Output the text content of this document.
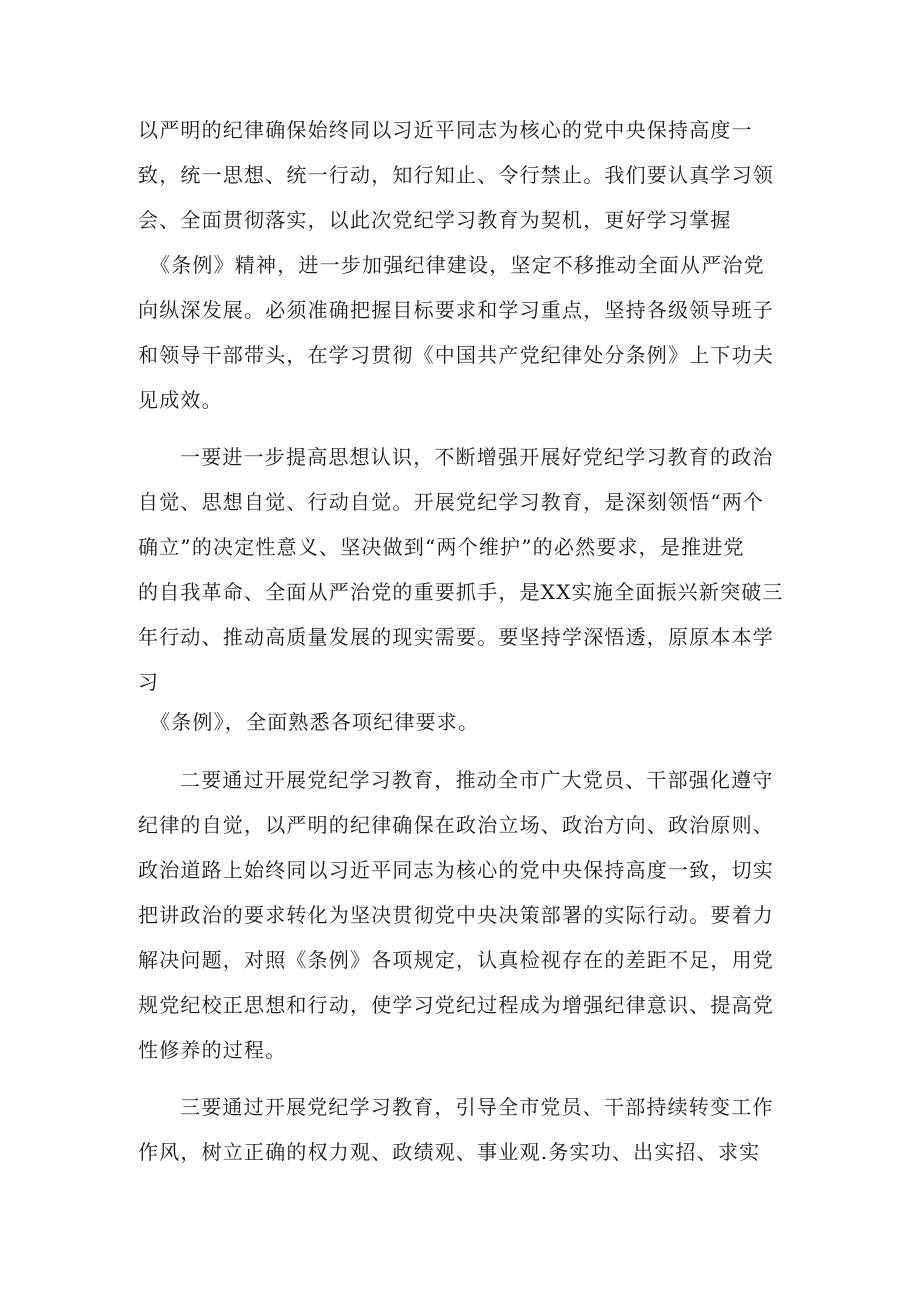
以严明的纪律确保始终同以习近平同志为核心的党中央保持高度一
致，统一思想、统一行动，知行知止、令行禁止。我们要认真学习领
会、全面贯彻落实，以此次党纪学习教育为契机，更好学习掌握
《条例》精神，进一步加强纪律建设，坚定不移推动全面从严治党
向纵深发展。必须准确把握目标要求和学习重点，坚持各级领导班子
和领导干部带头，在学习贯彻《中国共产党纪律处分条例》上下功夫
见成效。
一要进一步提高思想认识，不断增强开展好党纪学习教育的政治
自觉、思想自觉、行动自觉。开展党纪学习教育，是深刻领悟“两个
确立”的决定性意义、坚决做到“两个维护”的必然要求，是推进党
的自我革命、全面从严治党的重要抓手，是XX实施全面振兴新突破三
年行动、推动高质量发展的现实需要。要坚持学深悟透，原原本本学
习
《条例》，全面熟悉各项纪律要求。
二要通过开展党纪学习教育，推动全市广大党员、干部强化遵守
纪律的自觉，以严明的纪律确保在政治立场、政治方向、政治原则、
政治道路上始终同以习近平同志为核心的党中央保持高度一致，切实
把讲政治的要求转化为坚决贯彻党中央决策部署的实际行动。要着力
解决问题，对照《条例》各项规定，认真检视存在的差距不足，用党
规党纪校正思想和行动，使学习党纪过程成为增强纪律意识、提高党
性修养的过程。
三要通过开展党纪学习教育，引导全市党员、干部持续转变工作
作风，树立正确的权力观、政绩观、事业观.务实功、出实招、求实
